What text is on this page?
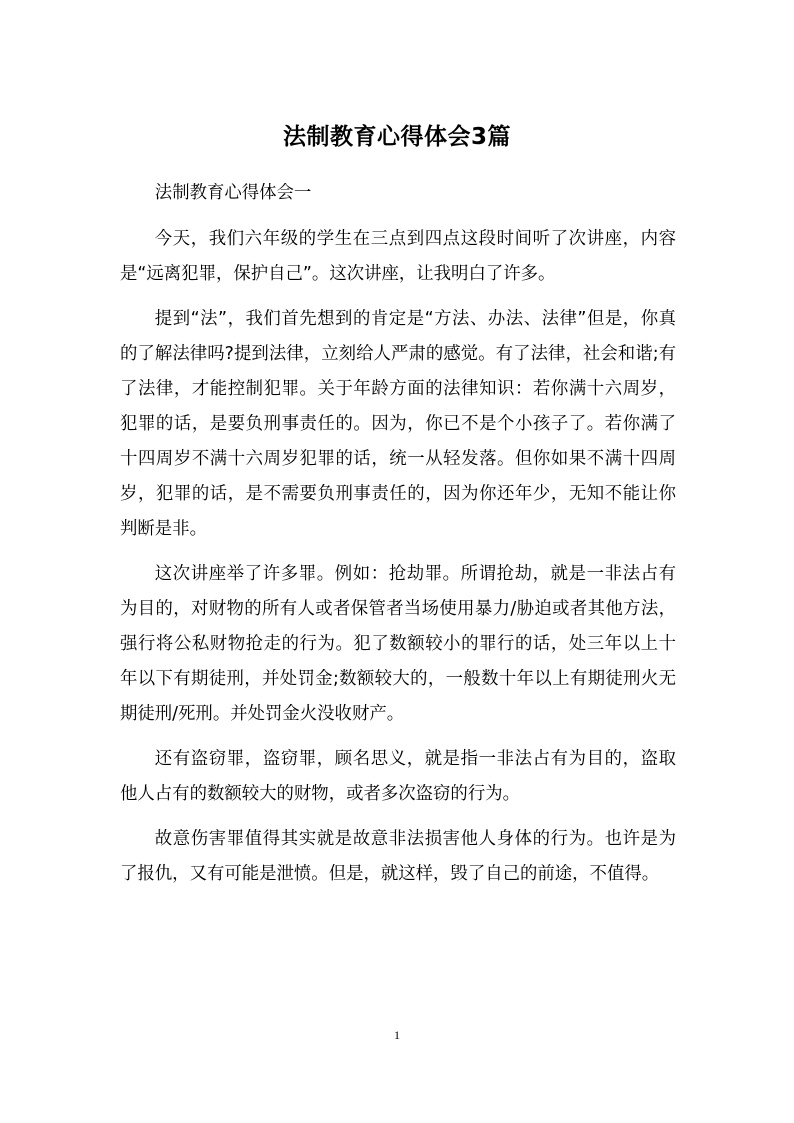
法制教育心得体会3篇

法制教育心得体会一

今天，我们六年级的学生在三点到四点这段时间听了次讲座，内容是“远离犯罪，保护自己”。这次讲座，让我明白了许多。

提到“法”，我们首先想到的肯定是“方法、办法、法律”但是，你真的了解法律吗?提到法律，立刻给人严肃的感觉。有了法律，社会和谐;有了法律，才能控制犯罪。关于年龄方面的法律知识：若你满十六周岁，犯罪的话，是要负刑事责任的。因为，你已不是个小孩子了。若你满了十四周岁不满十六周岁犯罪的话，统一从轻发落。但你如果不满十四周岁，犯罪的话，是不需要负刑事责任的，因为你还年少，无知不能让你判断是非。

这次讲座举了许多罪。例如：抢劫罪。所谓抢劫，就是一非法占有为目的，对财物的所有人或者保管者当场使用暴力/胁迫或者其他方法，强行将公私财物抢走的行为。犯了数额较小的罪行的话，处三年以上十年以下有期徒刑，并处罚金;数额较大的，一般数十年以上有期徒刑火无期徒刑/死刑。并处罚金火没收财产。

还有盗窃罪，盗窃罪，顾名思义，就是指一非法占有为目的，盗取他人占有的数额较大的财物，或者多次盗窃的行为。

故意伤害罪值得其实就是故意非法损害他人身体的行为。也许是为了报仇，又有可能是泄愤。但是，就这样，毁了自己的前途，不值得。

1
